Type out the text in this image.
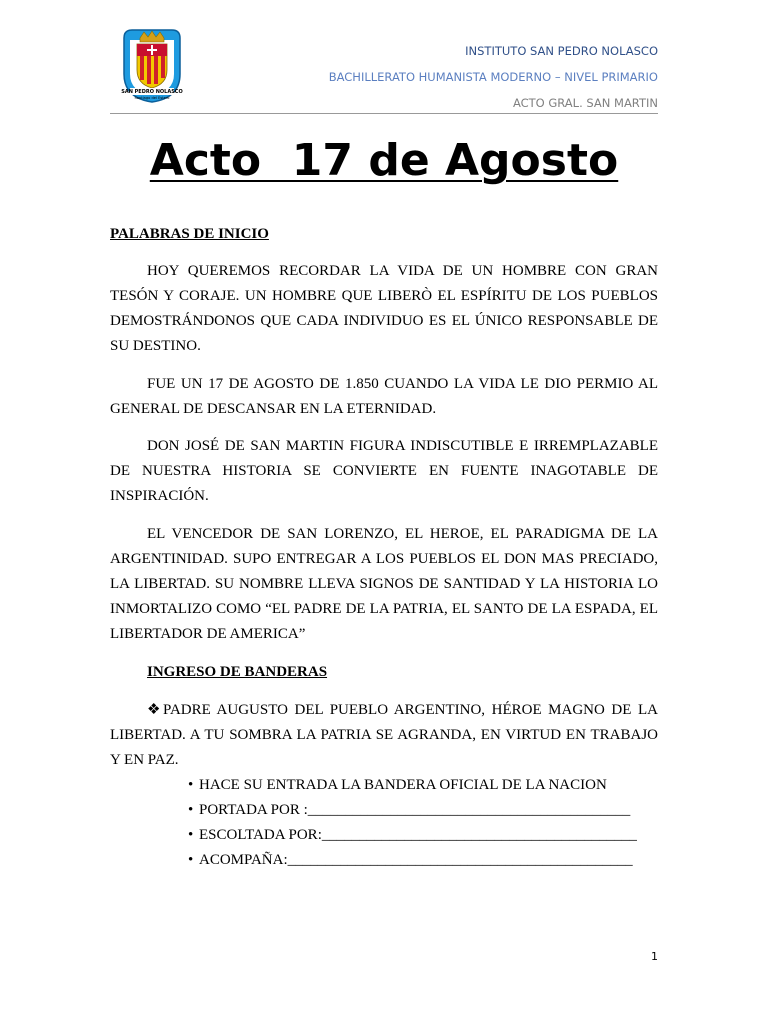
SAN PEDRO NOLASCO
Santiago del Estero
INSTITUTO SAN PEDRO NOLASCO
BACHILLERATO HUMANISTA MODERNO – NIVEL PRIMARIO
ACTO GRAL. SAN MARTIN
Acto  17 de Agosto
PALABRAS DE INICIO

HOY QUEREMOS RECORDAR LA VIDA DE UN HOMBRE CON GRAN TESÓN Y CORAJE. UN HOMBRE QUE LIBERÒ EL ESPÍRITU DE LOS PUEBLOS DEMOSTRÁNDONOS QUE CADA INDIVIDUO ES EL ÚNICO RESPONSABLE DE SU DESTINO.

FUE UN 17 DE AGOSTO DE 1.850 CUANDO LA VIDA LE DIO PERMIO AL GENERAL DE DESCANSAR EN LA ETERNIDAD.

DON JOSÉ DE SAN MARTIN FIGURA INDISCUTIBLE E IRREMPLAZABLE DE NUESTRA HISTORIA SE CONVIERTE EN FUENTE INAGOTABLE DE INSPIRACIÓN.

EL VENCEDOR DE SAN LORENZO, EL HEROE, EL PARADIGMA DE LA ARGENTINIDAD. SUPO ENTREGAR A LOS PUEBLOS EL DON MAS PRECIADO, LA LIBERTAD. SU NOMBRE LLEVA SIGNOS DE SANTIDAD Y LA HISTORIA LO INMORTALIZO COMO “EL PADRE DE LA PATRIA, EL SANTO DE LA ESPADA, EL LIBERTADOR DE AMERICA”

INGRESO DE BANDERAS

❖ PADRE AUGUSTO DEL PUEBLO ARGENTINO, HÉROE MAGNO DE LA LIBERTAD. A TU SOMBRA LA PATRIA SE AGRANDA, EN VIRTUD EN TRABAJO Y EN PAZ.

• HACE SU ENTRADA LA BANDERA OFICIAL DE LA NACION
• PORTADA POR :___________________________________________
• ESCOLTADA POR:__________________________________________
• ACOMPAÑA:______________________________________________
1
